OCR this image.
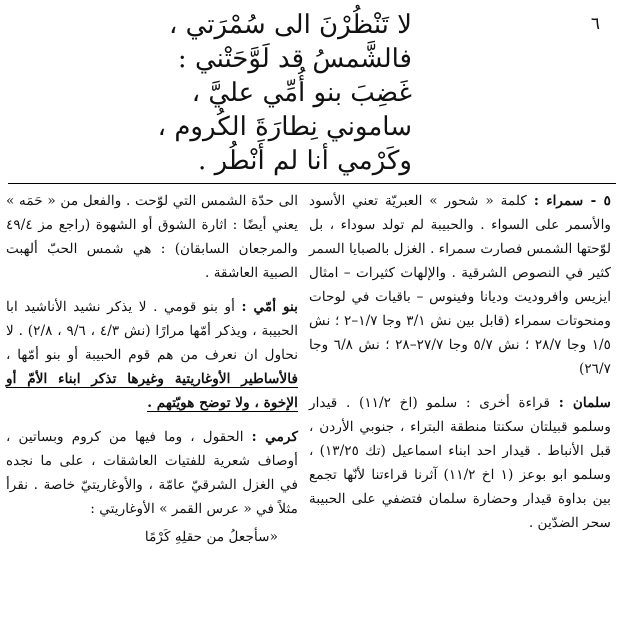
٦
لا تَنْظُرْنَ الى سُمْرَتي ،
فالشَّمسُ قد لَوَّحَتْني :
غَضِبَ بنو أُمِّي عليَّ ،
ساموني نِطارَةَ الكُروم ،
وكَرْمي أنا لم أَنْطُر .

٥ - سمراء : كلمة « شحور » العبريّة تعني الأسود والأسمر على السواء . والحبيبة لم تولد سوداء ، بل لوّحتها الشمس فصارت سمراء . الغزل بالصبايا السمر كثير في النصوص الشرقية . والإلهات كثيرات – امثال ايزيس وافروديت وديانا وفينوس – باقيات في لوحات ومنحوتات سمراء (قابل بين نش ٣/١ وجا ١/٧–٢ ؛ نش ١/٥ وجا ٢٨/٧ ؛ نش ٥/٧ وجا ٢٧/٧–٢٨ ؛ نش ٦/٨ وجا ٢٦/٧)

سلمان : قراءة أخرى : سلمو (اخ ١١/٢) . قيدار وسلمو قبيلتان سكنتا منطقة البتراء ، جنوبي الأردن ، قبل الأنباط . قيدار احد ابناء اسماعيل (تك ١٣/٢٥) ، وسلمو ابو بوعز (١ اخ ١١/٢) آثرنا قراءتنا لأنّها تجمع بين بداوة قيدار وحضارة سلمان فتضفي على الحبيبة سحر الضدّين .

الى حدّة الشمس التي لوّحت . والفعل من « حَمَه » يعني أيضًا : اثارة الشوق أو الشهوة (راجع مز ٤٩/٤ والمرجعان السابقان) : هي شمس الحبّ ألهبت الصبية العاشقة .

بنو أمّي : أو بنو قومي . لا يذكر نشيد الأناشيد ابا الحبيبة ، ويذكر أمّها مرارًا (نش ٤/٣ ، ٩/٦ ، ٢/٨) . لا نحاول ان نعرف من هم قوم الحبيبة أو بنو أمّها ، فالأساطير الأوغاريتية وغيرها تذكر ابناء الأمّ أو الإخوة ، ولا توضح هويّتهم .

كرمي : الحقول ، وما فيها من كروم وبساتين ، أوصاف شعرية للفتيات العاشقات ، على ما نجده في الغزل الشرقيّ عامّة ، والأوغاريتيّ خاصة . نقرأ مثلاً في « عرس القمر » الأوغاريتي :

«سأجعلُ من حقلِهِ كَرْمًا
